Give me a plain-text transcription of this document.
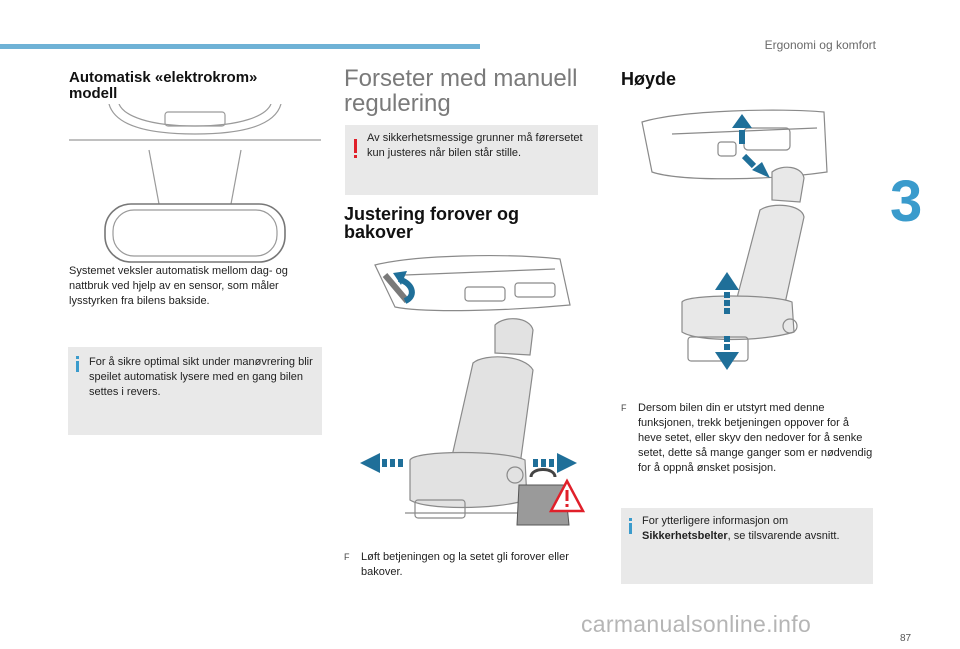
Ergonomi og komfort
3
Automatisk «elektrokrom» modell
Systemet veksler automatisk mellom dag- og nattbruk ved hjelp av en sensor, som måler lysstyrken fra bilens bakside.
For å sikre optimal sikt under manøvrering blir speilet automatisk lysere med en gang bilen settes i revers.
Forseter med manuell regulering
Av sikkerhetsmessige grunner må førersetet kun justeres når bilen står stille.
Justering forover og bakover
F Løft betjeningen og la setet gli forover eller bakover.
Høyde
F Dersom bilen din er utstyrt med denne funksjonen, trekk betjeningen oppover for å heve setet, eller skyv den nedover for å senke setet, dette så mange ganger som er nødvendig for å oppnå ønsket posisjon.
For ytterligere informasjon om Sikkerhetsbelter, se tilsvarende avsnitt.
87
carmanualsonline.info
